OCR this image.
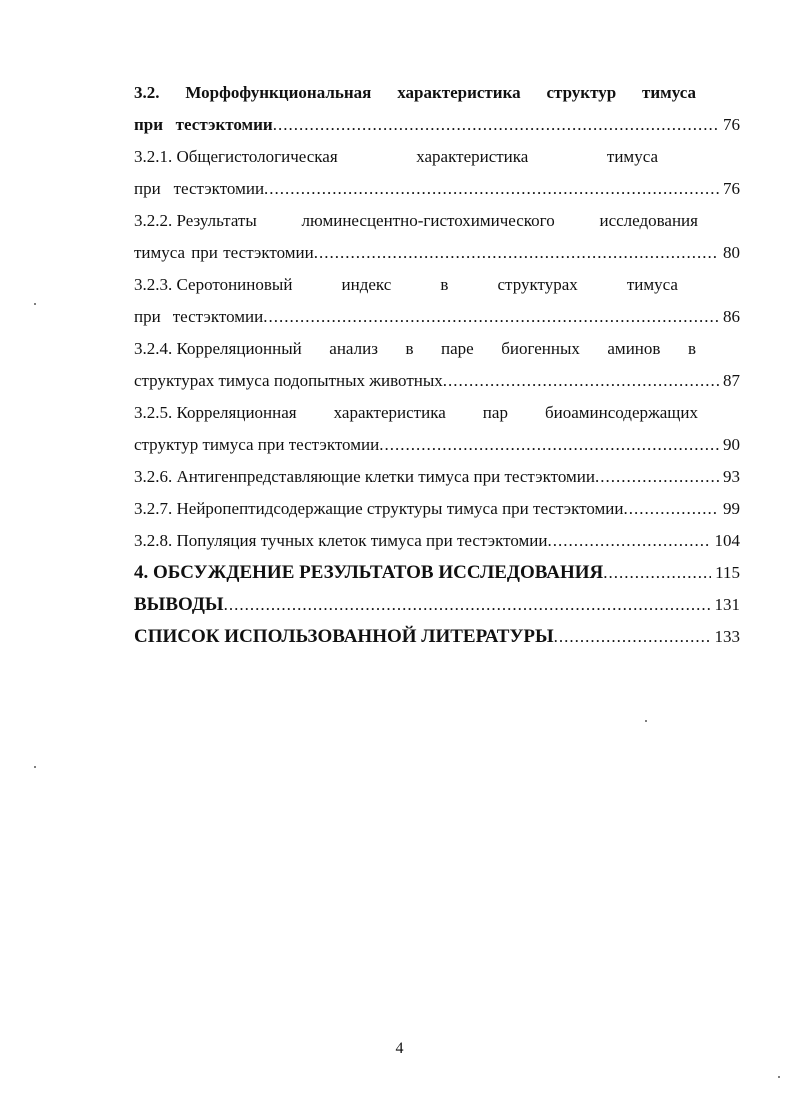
3.2. Морфофункциональная характеристика структур тимуса
при тестэктомии .....	76
3.2.1. Общегистологическая	характеристика	тимуса
при тестэктомии .....	76
3.2.2. Результаты	люминесцентно-гистохимического	исследования
тимуса при тестэктомии .....	80
3.2.3. Серотониновый	индекс	в	структурах	тимуса
при тестэктомии .....	86
3.2.4. Корреляционный анализ в паре биогенных аминов в
структурах тимуса подопытных животных .....	87
3.2.5. Корреляционная характеристика пар биоаминсодержащих
структур тимуса при тестэктомии .....	90
3.2.6. Антигенпредставляющие клетки тимуса при тестэктомии .....	93
3.2.7. Нейропептидсодержащие структуры тимуса при тестэктомии .....	99
3.2.8. Популяция тучных клеток тимуса при тестэктомии .....	104
4. ОБСУЖДЕНИЕ РЕЗУЛЬТАТОВ ИССЛЕДОВАНИЯ .....	115
ВЫВОДЫ .....	131
СПИСОК ИСПОЛЬЗОВАННОЙ ЛИТЕРАТУРЫ .....	133
4
